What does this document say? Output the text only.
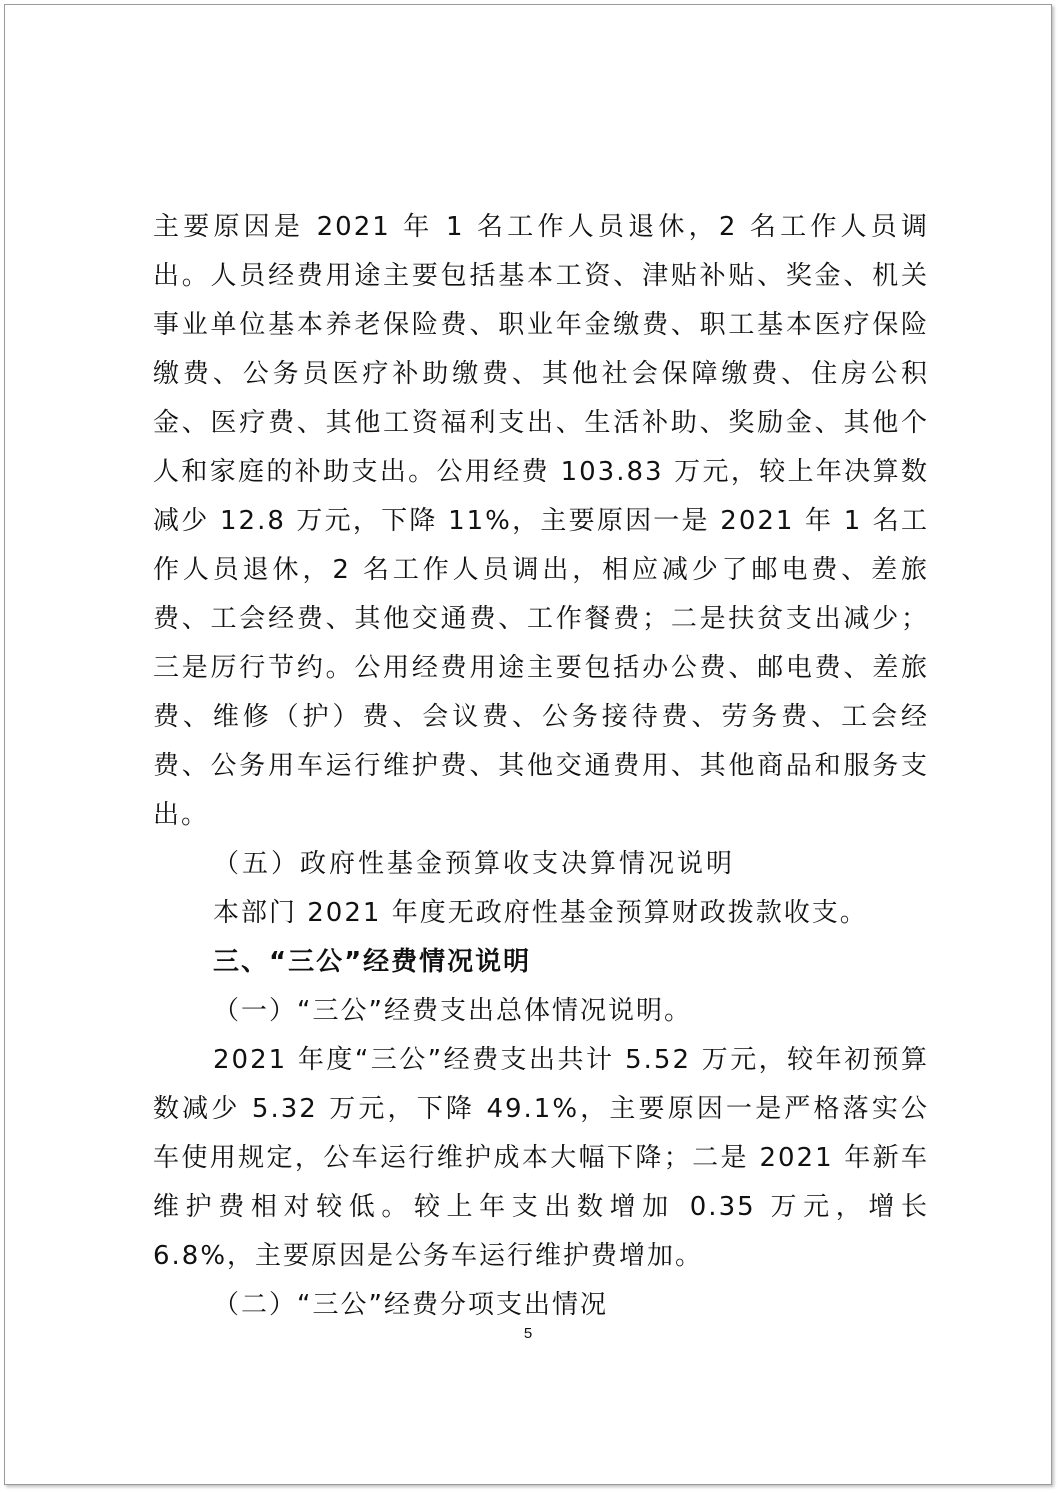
主要原因是 2021 年 1 名工作人员退休，2 名工作人员调出。人员经费用途主要包括基本工资、津贴补贴、奖金、机关事业单位基本养老保险费、职业年金缴费、职工基本医疗保险缴费、公务员医疗补助缴费、其他社会保障缴费、住房公积金、医疗费、其他工资福利支出、生活补助、奖励金、其他个人和家庭的补助支出。公用经费 103.83 万元，较上年决算数减少 12.8 万元，下降 11%，主要原因一是 2021 年 1 名工作人员退休，2 名工作人员调出，相应减少了邮电费、差旅费、工会经费、其他交通费、工作餐费；二是扶贫支出减少；三是厉行节约。公用经费用途主要包括办公费、邮电费、差旅费、维修（护）费、会议费、公务接待费、劳务费、工会经费、公务用车运行维护费、其他交通费用、其他商品和服务支出。

（五）政府性基金预算收支决算情况说明

本部门 2021 年度无政府性基金预算财政拨款收支。

三、“三公”经费情况说明

（一）“三公”经费支出总体情况说明。

2021 年度“三公”经费支出共计 5.52 万元，较年初预算数减少 5.32 万元，下降 49.1%，主要原因一是严格落实公车使用规定，公车运行维护成本大幅下降；二是 2021 年新车维护费相对较低。较上年支出数增加 0.35 万元，增长 6.8%，主要原因是公务车运行维护费增加。

（二）“三公”经费分项支出情况

5
